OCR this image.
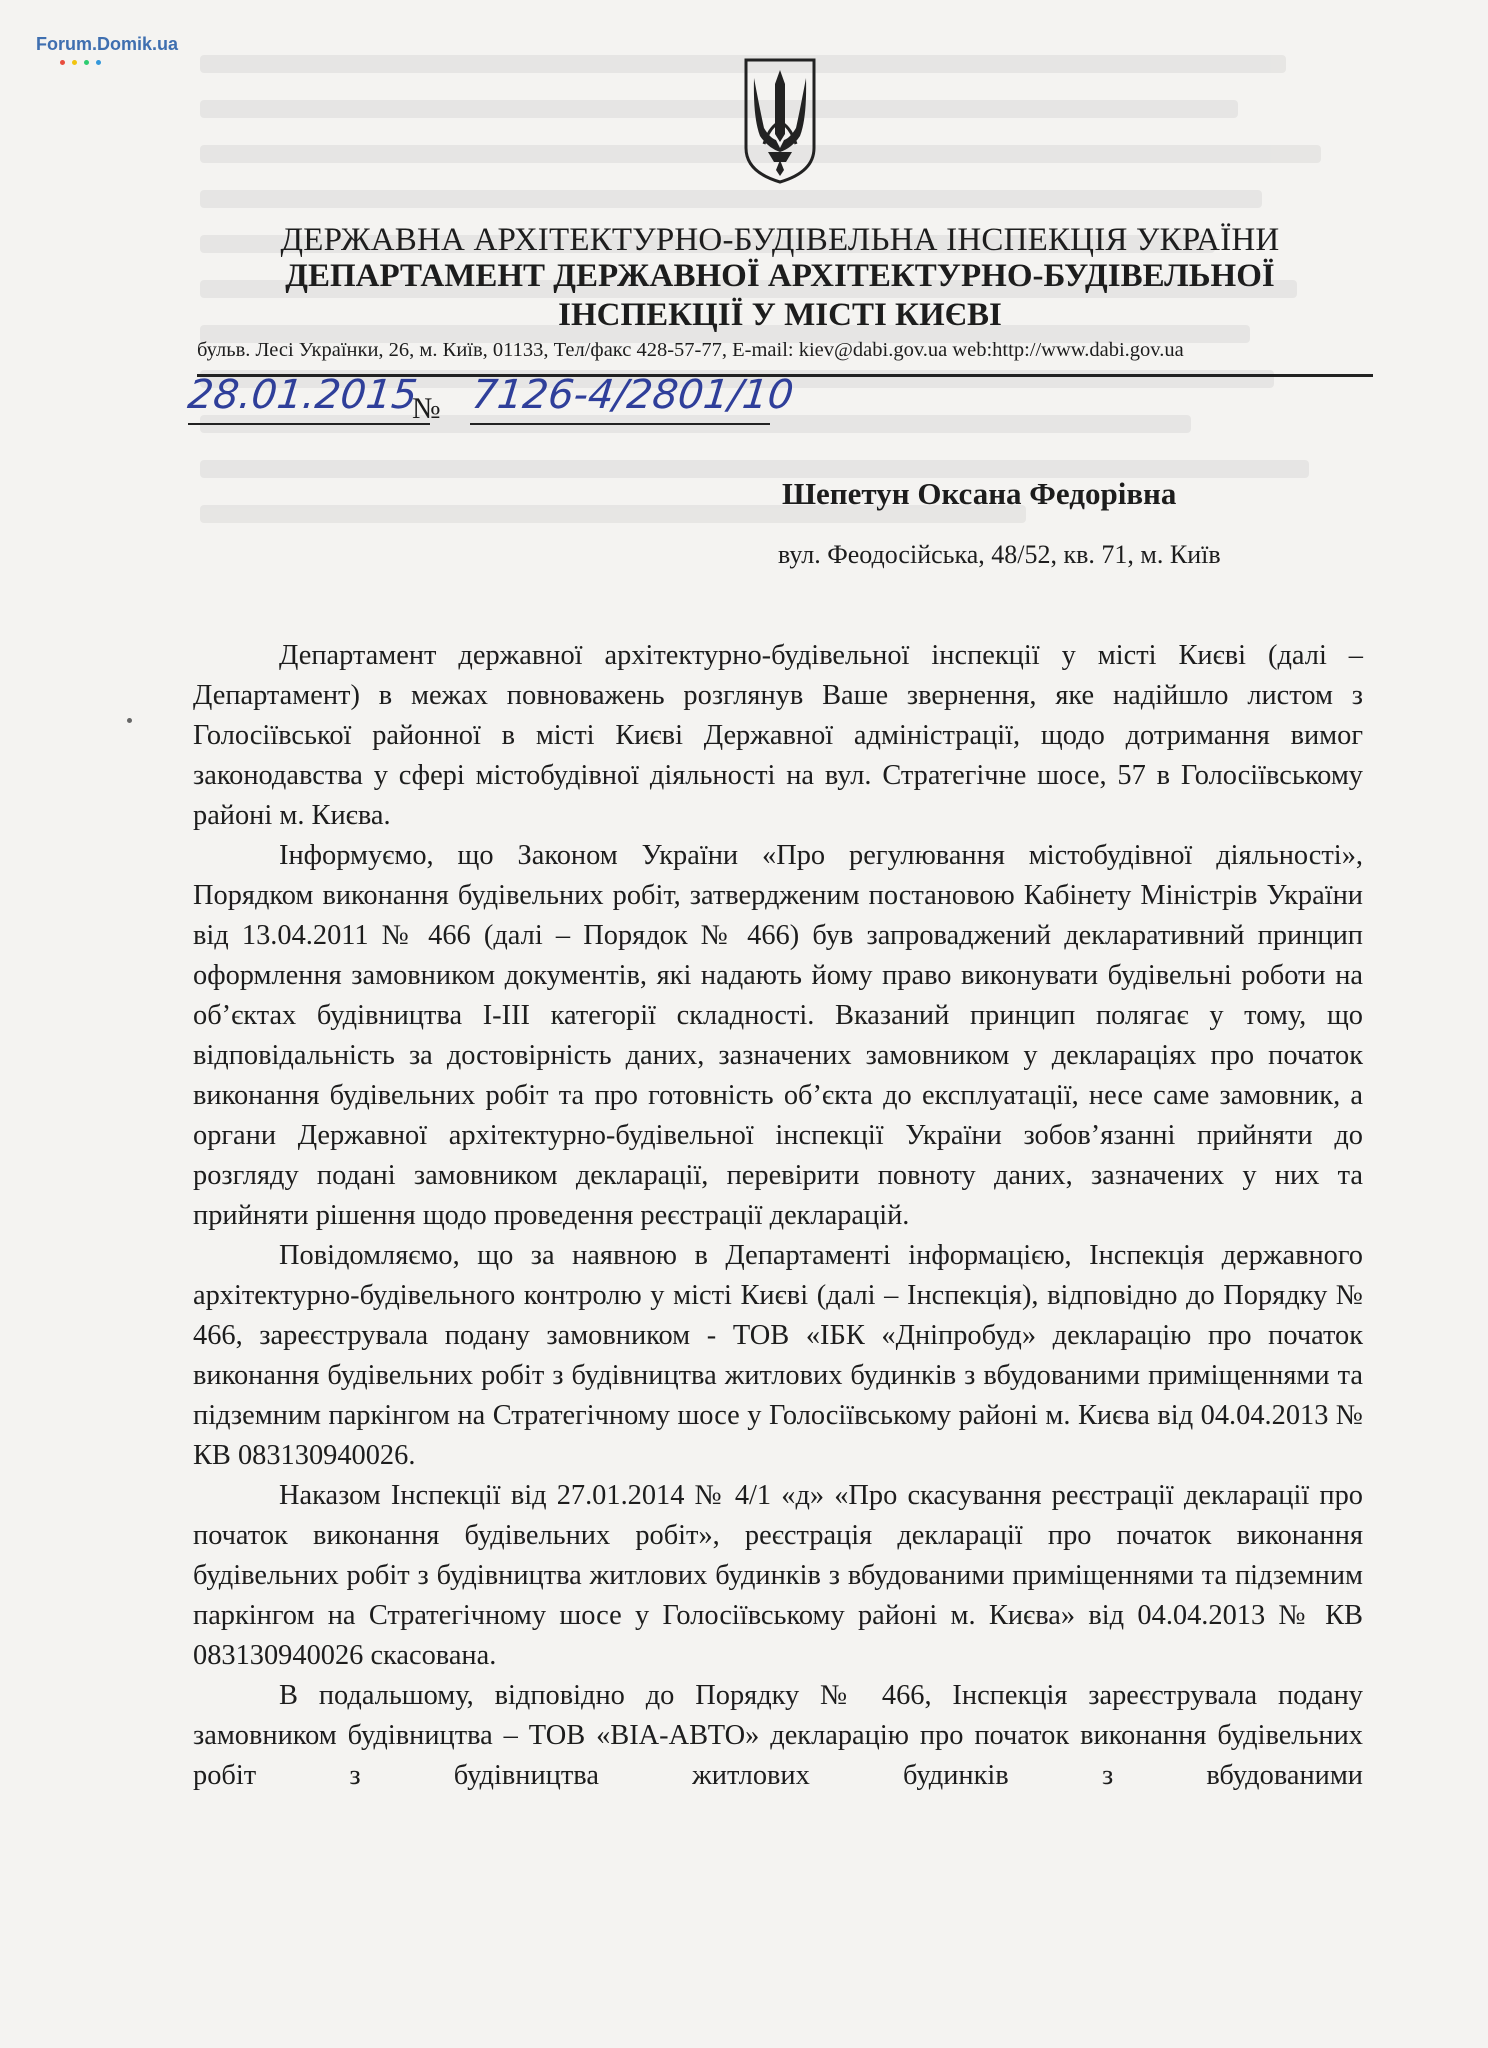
Forum.Domik.ua
ДЕРЖАВНА АРХІТЕКТУРНО-БУДІВЕЛЬНА ІНСПЕКЦІЯ УКРАЇНИ
ДЕПАРТАМЕНТ ДЕРЖАВНОЇ АРХІТЕКТУРНО-БУДІВЕЛЬНОЇ
ІНСПЕКЦІЇ У МІСТІ КИЄВІ
бульв. Лесі Українки, 26, м. Київ, 01133, Тел/факс 428-57-77, E-mail: kiev@dabi.gov.ua web:http://www.dabi.gov.ua
28.01.2015
№ 7126-4/2801/10
Шепетун Оксана Федорівна
вул. Феодосійська, 48/52, кв. 71, м. Київ

Департамент державної архітектурно-будівельної інспекції у місті Києві (далі – Департамент) в межах повноважень розглянув Ваше звернення, яке надійшло листом з Голосіївської районної в місті Києві Державної адміністрації, щодо дотримання вимог законодавства у сфері містобудівної діяльності на вул. Стратегічне шосе, 57 в Голосіївському районі м. Києва.

Інформуємо, що Законом України «Про регулювання містобудівної діяльності», Порядком виконання будівельних робіт, затвердженим постановою Кабінету Міністрів України від 13.04.2011 № 466 (далі – Порядок № 466) був запроваджений декларативний принцип оформлення замовником документів, які надають йому право виконувати будівельні роботи на об’єктах будівництва I-III категорії складності. Вказаний принцип полягає у тому, що відповідальність за достовірність даних, зазначених замовником у деклараціях про початок виконання будівельних робіт та про готовність об’єкта до експлуатації, несе саме замовник, а органи Державної архітектурно-будівельної інспекції України зобов’язанні прийняти до розгляду подані замовником декларації, перевірити повноту даних, зазначених у них та прийняти рішення щодо проведення реєстрації декларацій.

Повідомляємо, що за наявною в Департаменті інформацією, Інспекція державного архітектурно-будівельного контролю у місті Києві (далі – Інспекція), відповідно до Порядку № 466, зареєструвала подану замовником - ТОВ «ІБК «Дніпробуд» декларацію про початок виконання будівельних робіт з будівництва житлових будинків з вбудованими приміщеннями та підземним паркінгом на Стратегічному шосе у Голосіївському районі м. Києва від 04.04.2013 № КВ 083130940026.

Наказом Інспекції від 27.01.2014 № 4/1 «д» «Про скасування реєстрації декларації про початок виконання будівельних робіт», реєстрація декларації про початок виконання будівельних робіт з будівництва житлових будинків з вбудованими приміщеннями та підземним паркінгом на Стратегічному шосе у Голосіївському районі м. Києва» від 04.04.2013 № КВ 083130940026 скасована.

В подальшому, відповідно до Порядку № 466, Інспекція зареєструвала подану замовником будівництва – ТОВ «ВІА-АВТО» декларацію про початок виконання будівельних робіт з будівництва житлових будинків з вбудованими
